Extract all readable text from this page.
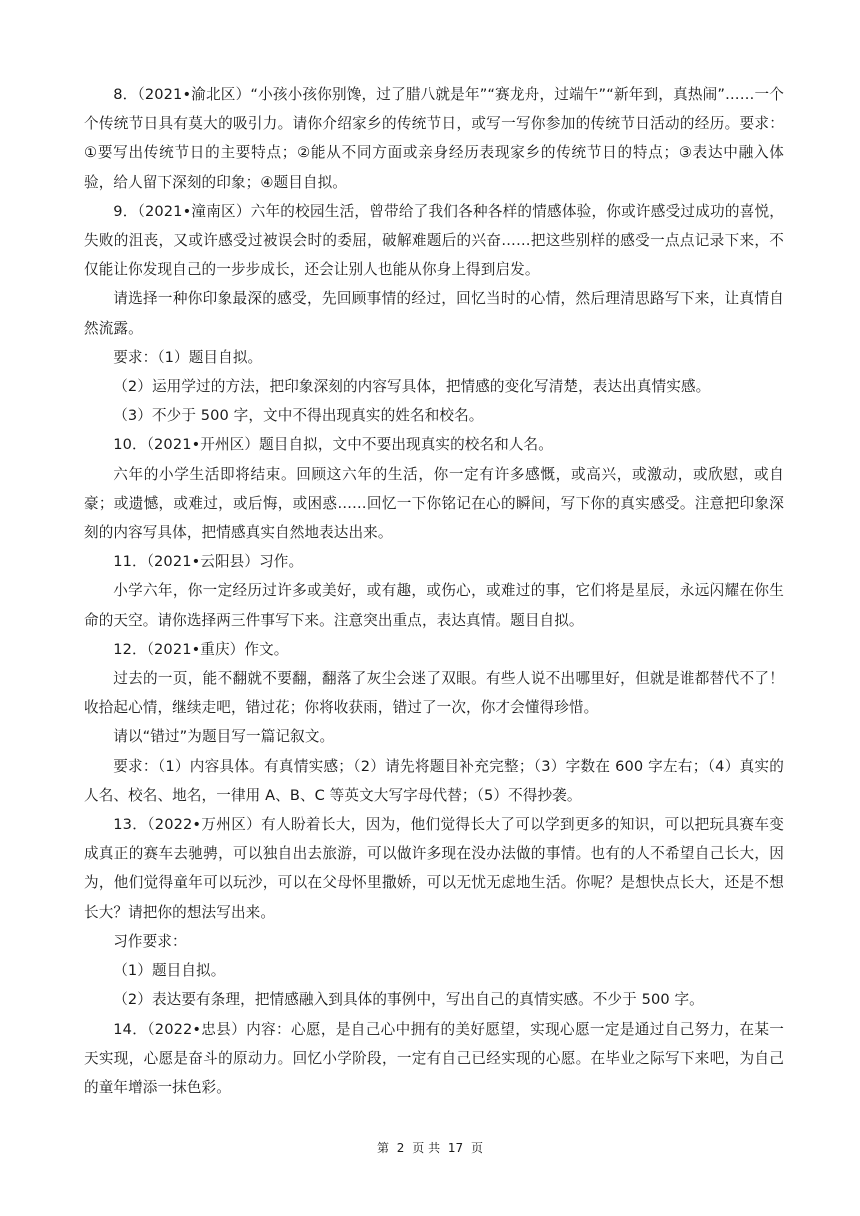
8．（2021•渝北区）“小孩小孩你别馋，过了腊八就是年”“赛龙舟，过端午”“新年到，真热闹”……一个个传统节日具有莫大的吸引力。请你介绍家乡的传统节日，或写一写你参加的传统节日活动的经历。要求：①要写出传统节日的主要特点；②能从不同方面或亲身经历表现家乡的传统节日的特点；③表达中融入体验，给人留下深刻的印象；④题目自拟。

9．（2021•潼南区）六年的校园生活，曾带给了我们各种各样的情感体验，你或许感受过成功的喜悦，失败的沮丧，又或许感受过被误会时的委屈，破解难题后的兴奋……把这些别样的感受一点点记录下来，不仅能让你发现自己的一步步成长，还会让别人也能从你身上得到启发。

请选择一种你印象最深的感受，先回顾事情的经过，回忆当时的心情，然后理清思路写下来，让真情自然流露。

要求：（1）题目自拟。

（2）运用学过的方法，把印象深刻的内容写具体，把情感的变化写清楚，表达出真情实感。

（3）不少于 500 字，文中不得出现真实的姓名和校名。

10．（2021•开州区）题目自拟，文中不要出现真实的校名和人名。

六年的小学生活即将结束。回顾这六年的生活，你一定有许多感慨，或高兴，或激动，或欣慰，或自豪；或遗憾，或难过，或后悔，或困惑……回忆一下你铭记在心的瞬间，写下你的真实感受。注意把印象深刻的内容写具体，把情感真实自然地表达出来。

11．（2021•云阳县）习作。

小学六年，你一定经历过许多或美好，或有趣，或伤心，或难过的事，它们将是星辰，永远闪耀在你生命的天空。请你选择两三件事写下来。注意突出重点，表达真情。题目自拟。

12．（2021•重庆）作文。

过去的一页，能不翻就不要翻，翻落了灰尘会迷了双眼。有些人说不出哪里好，但就是谁都替代不了！收拾起心情，继续走吧，错过花；你将收获雨，错过了一次，你才会懂得珍惜。

请以“错过”为题目写一篇记叙文。

要求：（1）内容具体。有真情实感；（2）请先将题目补充完整；（3）字数在 600 字左右；（4）真实的人名、校名、地名，一律用 A、B、C 等英文大写字母代替；（5）不得抄袭。

13．（2022•万州区）有人盼着长大，因为，他们觉得长大了可以学到更多的知识，可以把玩具赛车变成真正的赛车去驰骋，可以独自出去旅游，可以做许多现在没办法做的事情。也有的人不希望自己长大，因为，他们觉得童年可以玩沙，可以在父母怀里撒娇，可以无忧无虑地生活。你呢？是想快点长大，还是不想长大？请把你的想法写出来。

习作要求：

（1）题目自拟。

（2）表达要有条理，把情感融入到具体的事例中，写出自己的真情实感。不少于 500 字。

14．（2022•忠县）内容：心愿，是自己心中拥有的美好愿望，实现心愿一定是通过自己努力，在某一天实现，心愿是奋斗的原动力。回忆小学阶段，一定有自己已经实现的心愿。在毕业之际写下来吧，为自己的童年增添一抹色彩。

第 2 页 共 17 页
